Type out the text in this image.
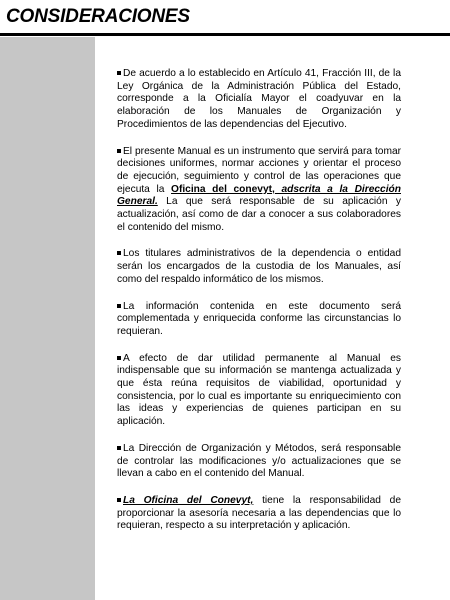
CONSIDERACIONES

De acuerdo a lo establecido en Artículo 41, Fracción III, de la Ley Orgánica de la Administración Pública del Estado, corresponde a la Oficialía Mayor el coadyuvar en la elaboración de los Manuales de Organización y Procedimientos de las dependencias del Ejecutivo.

El presente Manual es un instrumento que servirá para tomar decisiones uniformes, normar acciones y orientar el proceso de ejecución, seguimiento y control de las operaciones que ejecuta la Oficina del conevyt, adscrita a la Dirección General. La que será responsable de su aplicación y actualización, así como de dar a conocer a sus colaboradores el contenido del mismo.

Los titulares administrativos de la dependencia o entidad serán los encargados de la custodia de los Manuales, así como del respaldo informático de los mismos.

La información contenida en este documento será complementada y enriquecida conforme las circunstancias lo requieran.

A efecto de dar utilidad permanente al Manual es indispensable que su información se mantenga actualizada y que ésta reúna requisitos de viabilidad, oportunidad y consistencia, por lo cual es importante su enriquecimiento con las ideas y experiencias de quienes participan en su aplicación.

La Dirección de Organización y Métodos, será responsable de controlar las modificaciones y/o actualizaciones que se llevan a cabo en el contenido del Manual.

La Oficina del Conevyt, tiene la responsabilidad de proporcionar la asesoría necesaria a las dependencias que lo requieran, respecto a su interpretación y aplicación.
